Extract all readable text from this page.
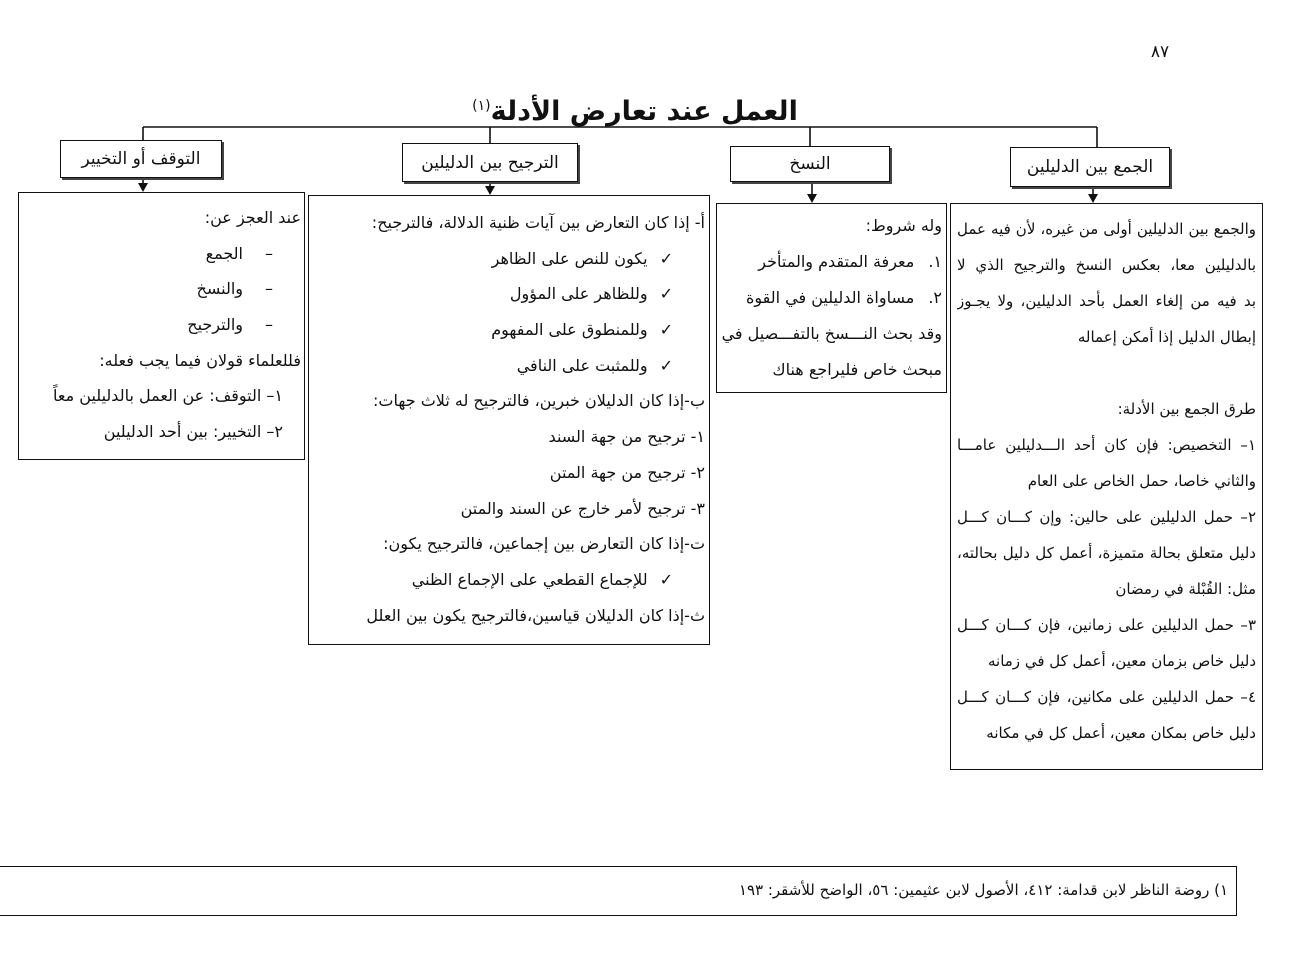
٨٧
العمل عند تعارض الأدلة$^{(١)}$
الجمع بين الدليلين
النسخ
الترجيح بين الدليلين
التوقف أو التخيير
والجمع بين الدليلين أولى من غيره، لأن فيه عمل
بالدليلين معا، بعكس النسخ والترجيح الذي لا
بد فيه من إلغاء العمل بأحد الدليلين، ولا يجـوز
إبطال الدليل إذا أمكن إعماله
طرق الجمع بين الأدلة:
١– التخصيص: فإن كان أحد الـــدليلين عامـــا
والثاني خاصا، حمل الخاص على العام
٢– حمل الدليلين على حالين: وإن كـــان كـــل
دليل متعلق بحالة متميزة، أعمل كل دليل بحالته،
مثل: القُبْلة في رمضان
٣– حمل الدليلين على زمانين، فإن كـــان كـــل
دليل خاص بزمان معين، أعمل كل في زمانه
٤– حمل الدليلين على مكانين، فإن كـــان كـــل
دليل خاص بمكان معين، أعمل كل في مكانه
وله شروط:
١.معرفة المتقدم والمتأخر
٢.مساواة الدليلين في القوة
وقد بحث النـــسخ بالتفـــصيل في
مبحث خاص فليراجع هناك
أ- إذا كان التعارض بين آيات ظنية الدلالة، فالترجيح:
✓يكون للنص على الظاهر
✓وللظاهر على المؤول
✓وللمنطوق على المفهوم
✓وللمثبت على النافي
ب-إذا كان الدليلان خبرين، فالترجيح له ثلاث جهات:
١- ترجيح من جهة السند
٢- ترجيح من جهة المتن
٣- ترجيح لأمر خارج عن السند والمتن
ت-إذا كان التعارض بين إجماعين، فالترجيح يكون:
✓للإجماع القطعي على الإجماع الظني
ث-إذا كان الدليلان قياسين،فالترجيح يكون بين العلل
عند العجز عن:
–الجمع
–والنسخ
–والترجيح
فللعلماء قولان فيما يجب فعله:
١– التوقف: عن العمل بالدليلين معاً
٢– التخيير: بين أحد الدليلين
١) روضة الناظر لابن قدامة: ٤١٢، الأصول لابن عثيمين: ٥٦، الواضح للأشقر: ١٩٣
